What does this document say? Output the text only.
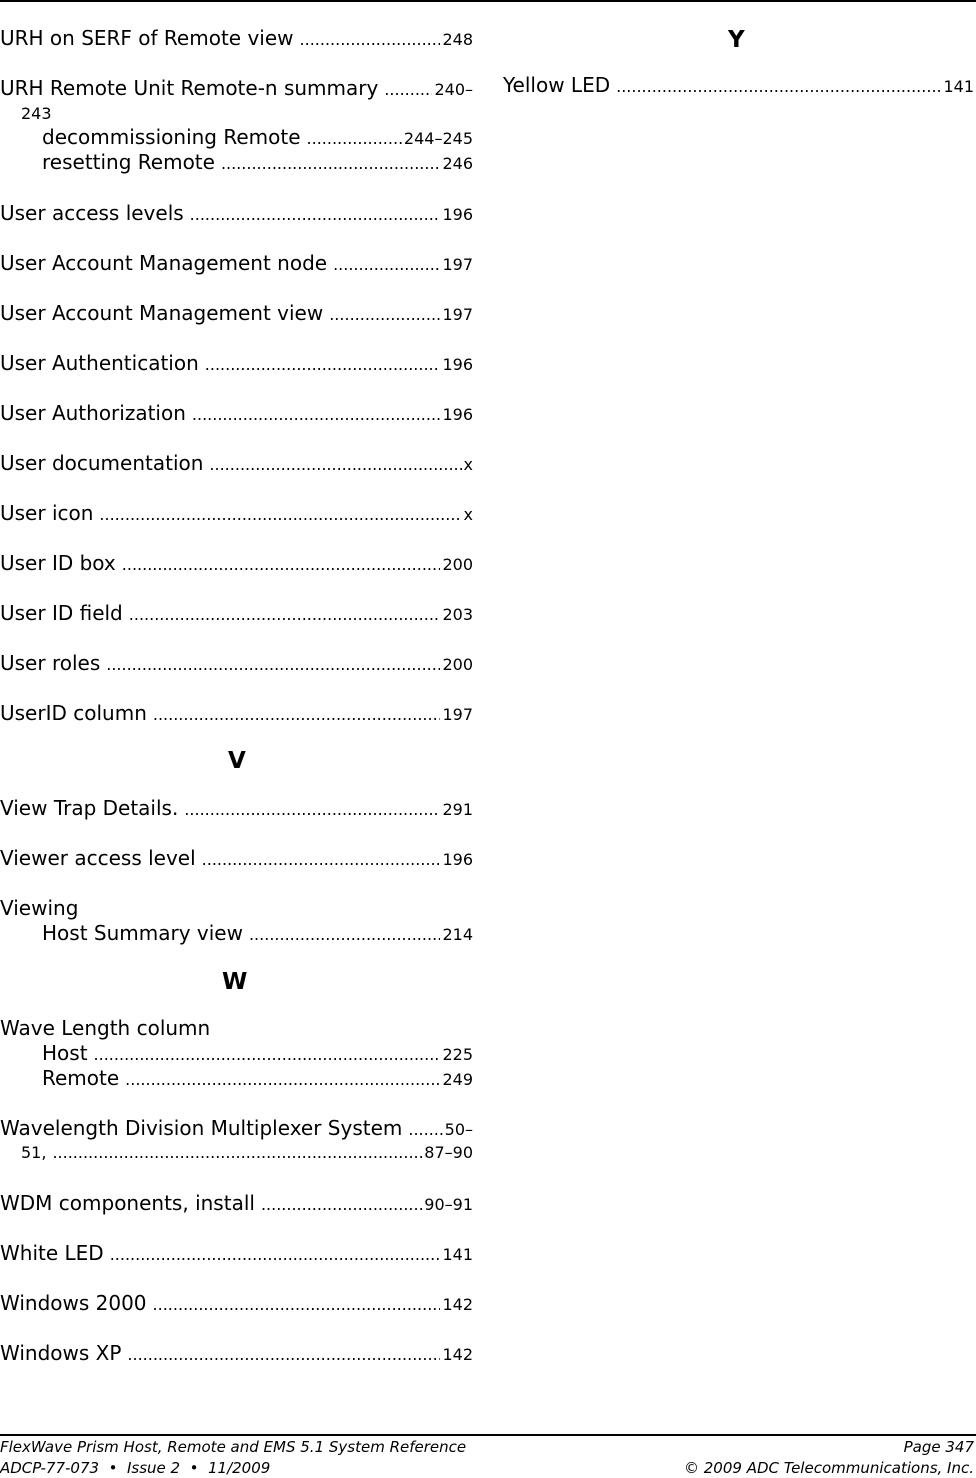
URH on SERF of Remote view .....	248
URH Remote Unit Remote-n summary .....	240–
243
decommissioning Remote .....	244–245
resetting Remote .....	246
User access levels .....	196
User Account Management node .....	197
User Account Management view .....	197
User Authentication .....	196
User Authorization .....	196
User documentation .....	x
User icon .....	x
User ID box .....	200
User ID field .....	203
User roles .....	200
UserID column .....	197
V
View Trap Details. .....	291
Viewer access level .....	196
Viewing
Host Summary view .....	214
W
Wave Length column
Host .....	225
Remote .....	249
Wavelength Division Multiplexer System .....	50–
51, .....	87–90
WDM components, install .....	90–91
White LED .....	141
Windows 2000 .....	142
Windows XP .....	142
Y
Yellow LED .....	141
FlexWave Prism Host, Remote and EMS 5.1 System Reference	Page 347
ADCP-77-073  •  Issue 2  •  11/2009	© 2009 ADC Telecommunications, Inc.
